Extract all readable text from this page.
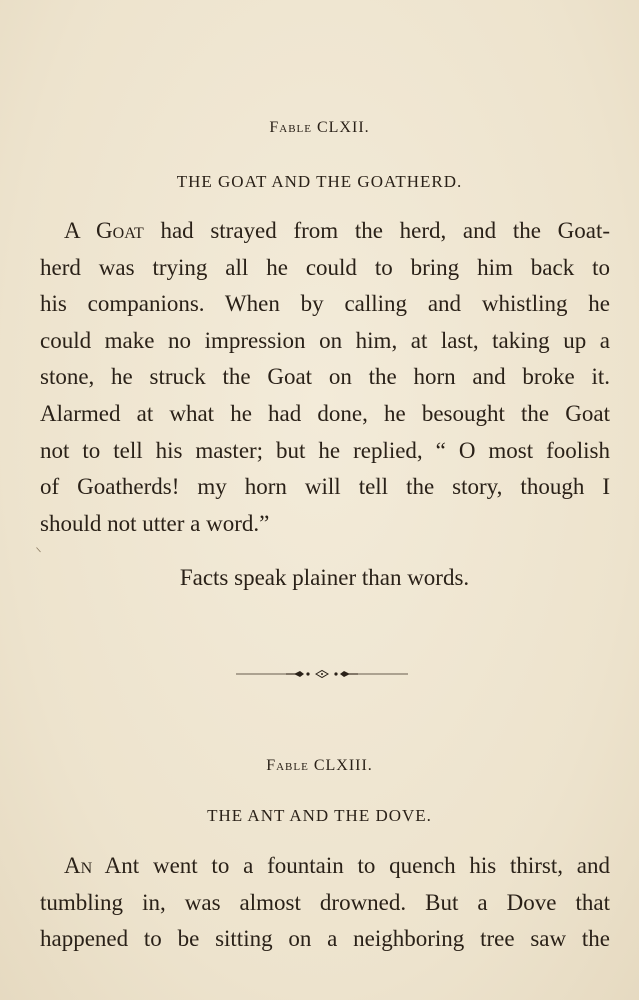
Fable CLXII.
THE GOAT AND THE GOATHERD.
A Goat had strayed from the herd, and the Goat-
herd was trying all he could to bring him back to
his companions. When by calling and whistling he
could make no impression on him, at last, taking up a
stone, he struck the Goat on the horn and broke it.
Alarmed at what he had done, he besought the Goat
not to tell his master; but he replied, “ O most foolish
of Goatherds! my horn will tell the story, though I
should not utter a word.”
Facts speak plainer than words.
Fable CLXIII.
THE ANT AND THE DOVE.
An Ant went to a fountain to quench his thirst, and
tumbling in, was almost drowned. But a Dove that
happened to be sitting on a neighboring tree saw the
